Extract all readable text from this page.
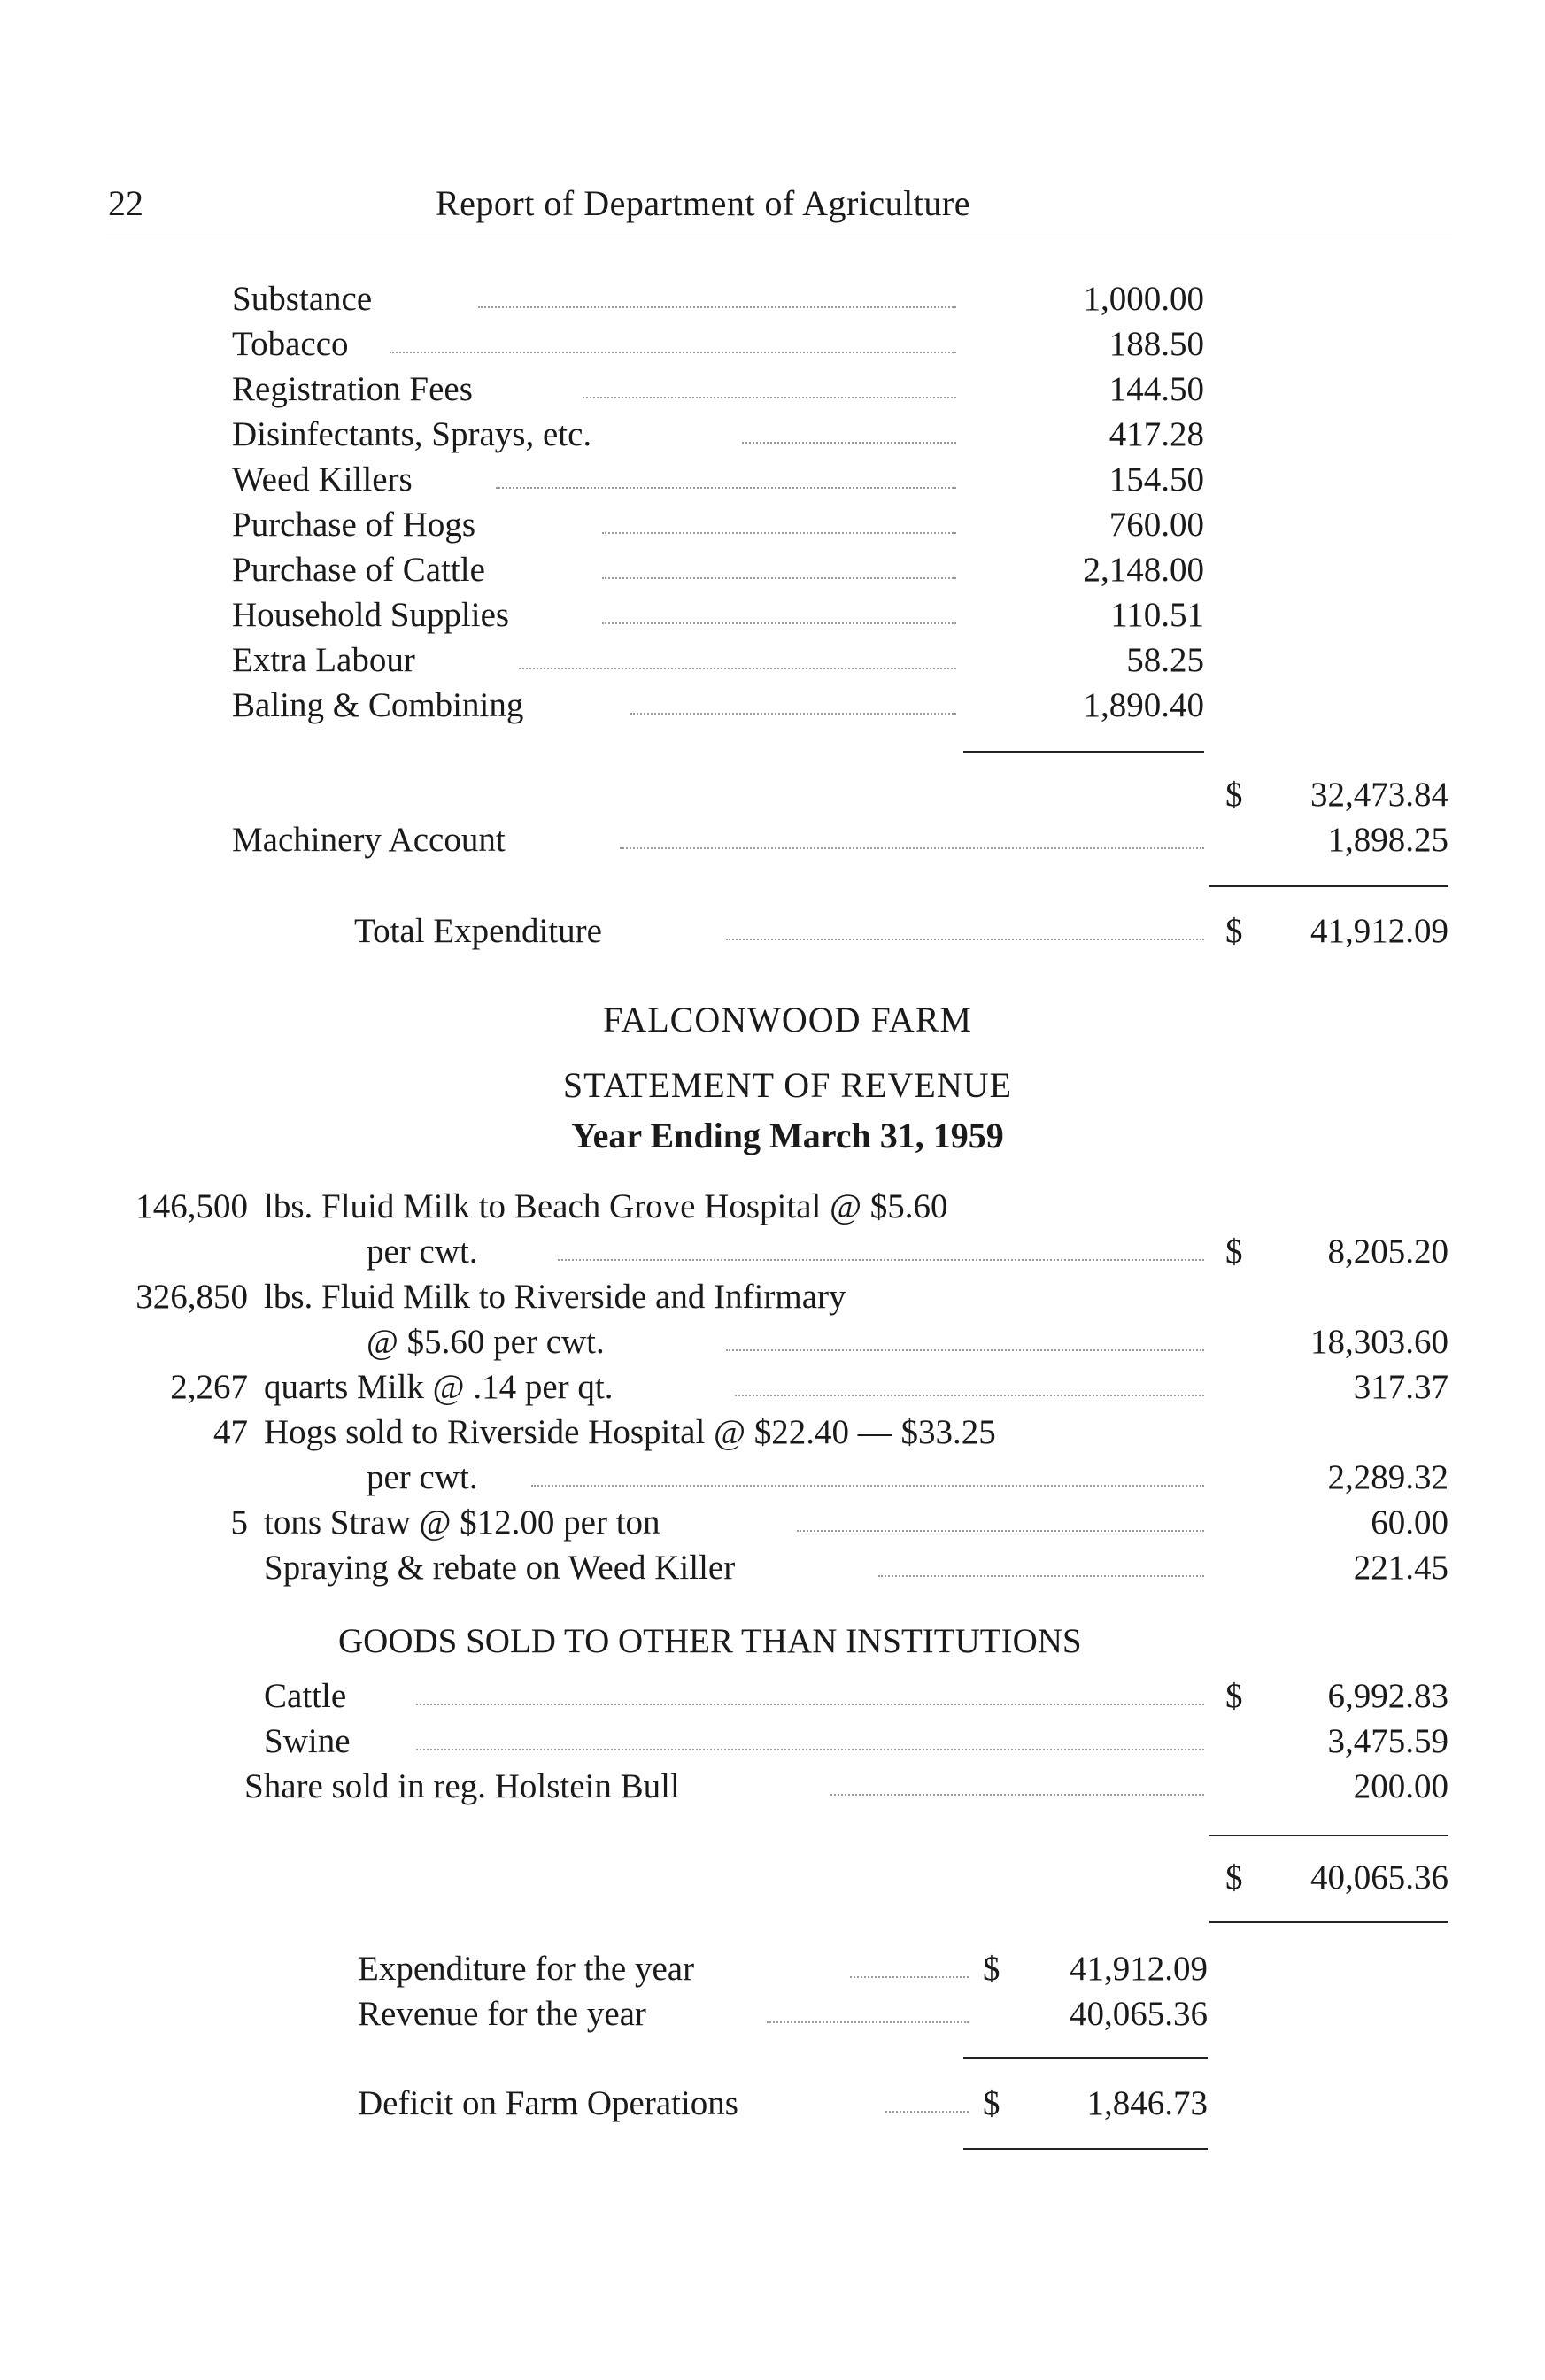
22	Report of Department of Agriculture
Substance	1,000.00
Tobacco	188.50
Registration Fees	144.50
Disinfectants, Sprays, etc.	417.28
Weed Killers	154.50
Purchase of Hogs	760.00
Purchase of Cattle	2,148.00
Household Supplies	110.51
Extra Labour	58.25
Baling & Combining	1,890.40
$	32,473.84
Machinery Account	1,898.25
Total Expenditure	$	41,912.09
FALCONWOOD FARM
STATEMENT OF REVENUE
Year Ending March 31, 1959
146,500 lbs. Fluid Milk to Beach Grove Hospital @ $5.60
per cwt.	$	8,205.20
326,850 lbs. Fluid Milk to Riverside and Infirmary
@ $5.60 per cwt.	18,303.60
2,267 quarts Milk @ .14 per qt.	317.37
47 Hogs sold to Riverside Hospital @ $22.40 — $33.25
per cwt.	2,289.32
5 tons Straw @ $12.00 per ton	60.00
Spraying & rebate on Weed Killer	221.45
GOODS SOLD TO OTHER THAN INSTITUTIONS
Cattle	$	6,992.83
Swine	3,475.59
Share sold in reg. Holstein Bull	200.00
$	40,065.36
Expenditure for the year	$	41,912.09
Revenue for the year	40,065.36
Deficit on Farm Operations	$	1,846.73
